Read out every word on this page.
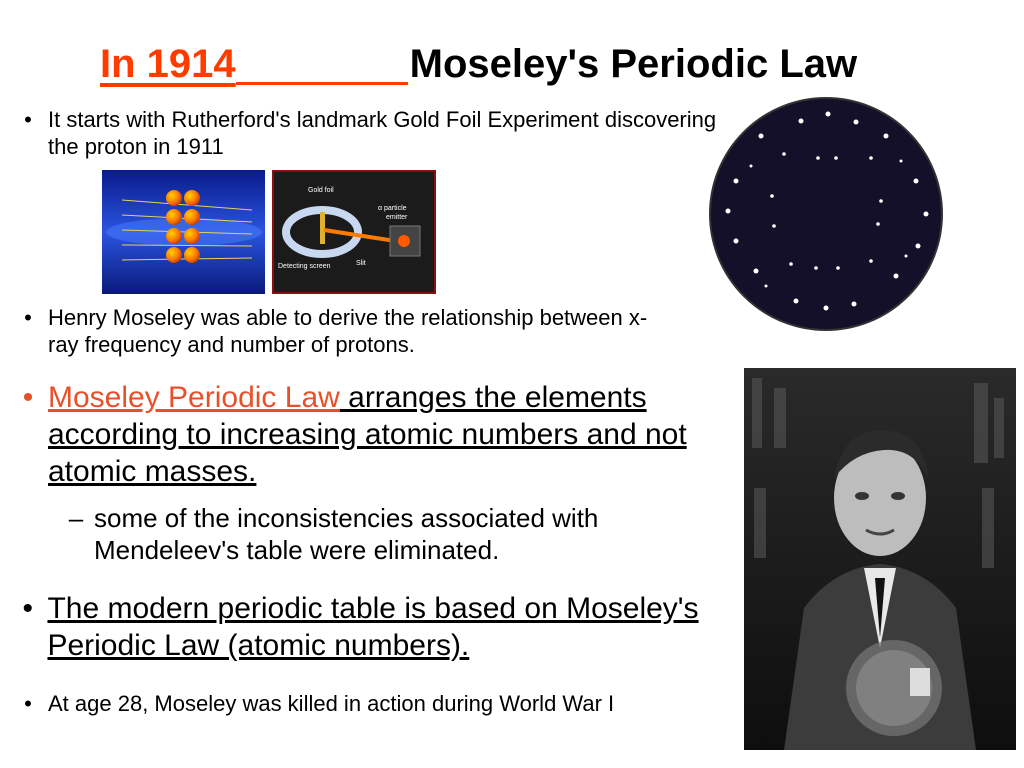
In 1914	Moseley's Periodic Law
• It starts with Rutherford's landmark Gold Foil Experiment discovering the proton in 1911
Gold foil
α particle
emitter
Detecting screen	Slit
• Henry Moseley was able to derive the relationship between x-ray frequency and number of protons.
• Moseley Periodic Law arranges the elements according to increasing atomic numbers and not atomic masses.
– some of the inconsistencies associated with Mendeleev's table were eliminated.
• The modern periodic table is based on Moseley's Periodic Law (atomic numbers).
• At age 28, Moseley was killed in action during World War I
